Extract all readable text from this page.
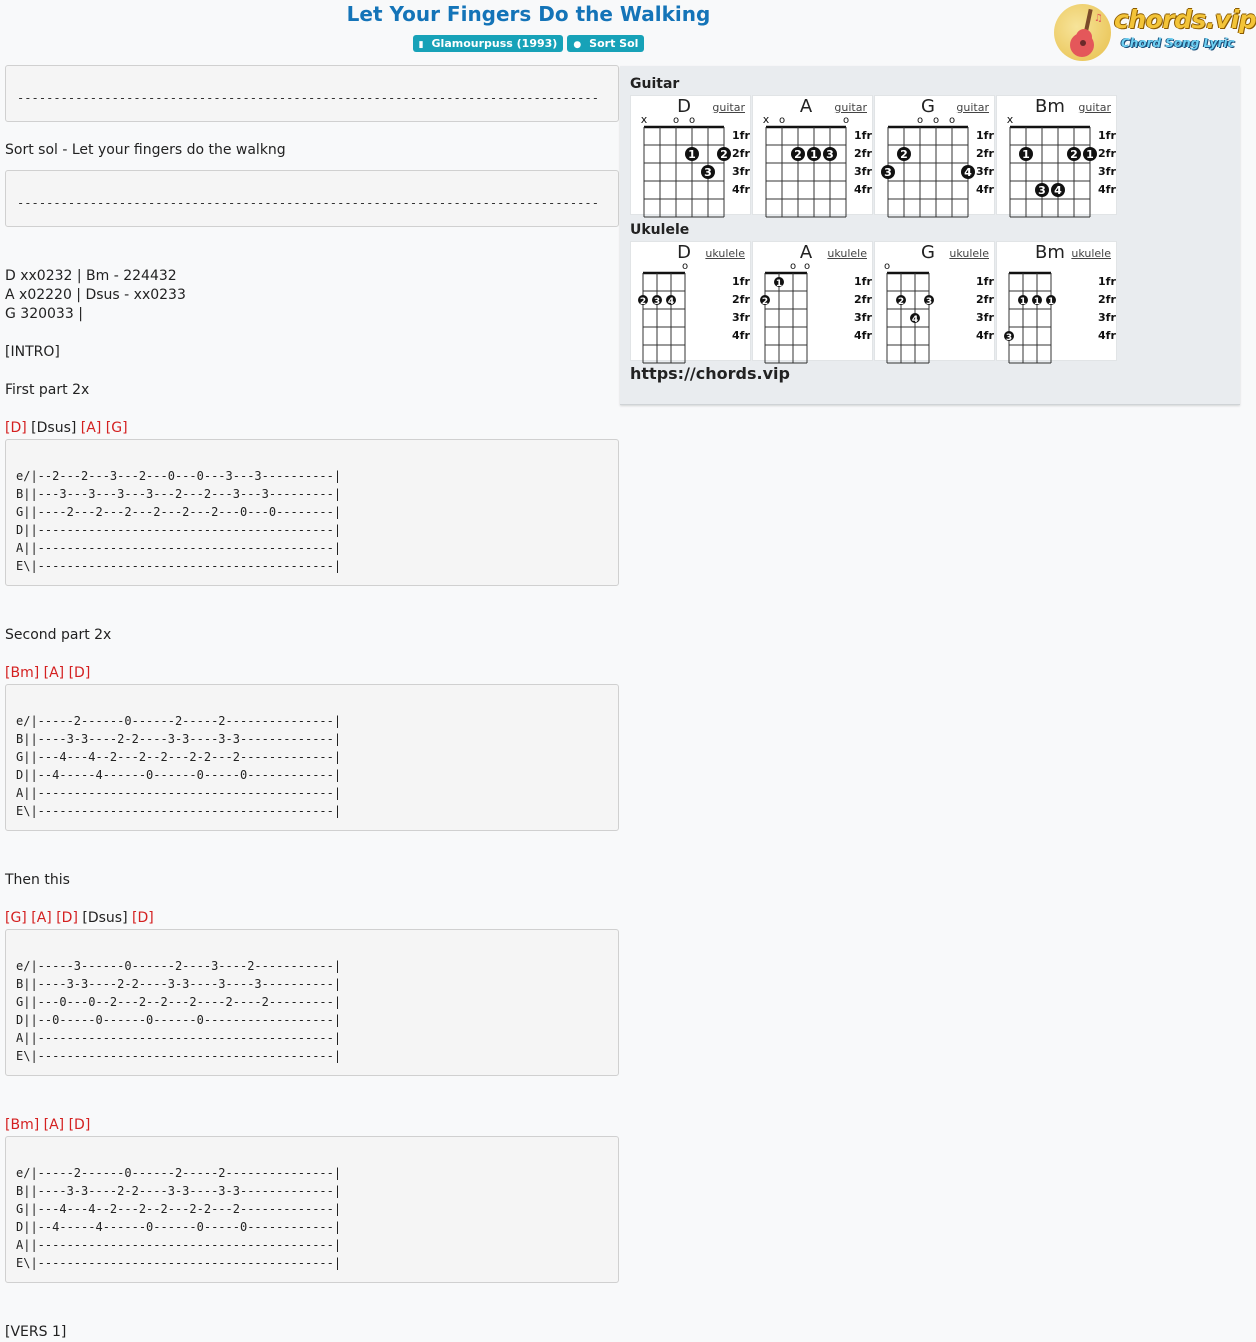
Let Your Fingers Do the Walking
▮ Glamourpuss (1993) ● Sort Sol
♫ chords.vip
Chord Song Lyric
--------------------------------------------------------------------------------
Sort sol - Let your fingers do the walkng
--------------------------------------------------------------------------------
D xx0232 | Bm - 224432
A x02220 | Dsus - xx0233
G 320033 |
[INTRO]
First part 2x
[D] [Dsus] [A] [G]
e/|--2---2---3---2---0---0---3---3----------|
B||---3---3---3---3---2---2---3---3---------|
G||----2---2---2---2---2---2---0---0--------|
D||-----------------------------------------|
A||-----------------------------------------|
E\|-----------------------------------------|
Second part 2x
[Bm] [A] [D]
e/|-----2------0------2-----2---------------|
B||----3-3----2-2----3-3----3-3-------------|
G||---4---4--2---2--2---2-2---2-------------|
D||--4-----4------0------0-----0------------|
A||-----------------------------------------|
E\|-----------------------------------------|
Then this
[G] [A] [D] [Dsus] [D]
e/|-----3------0------2----3----2-----------|
B||----3-3----2-2----3-3----3----3----------|
G||---0---0--2---2--2---2----2----2---------|
D||--0-----0------0------0------------------|
A||-----------------------------------------|
E\|-----------------------------------------|
[Bm] [A] [D]
e/|-----2------0------2-----2---------------|
B||----3-3----2-2----3-3----3-3-------------|
G||---4---4--2---2--2---2-2---2-------------|
D||--4-----4------0------0-----0------------|
A||-----------------------------------------|
E\|-----------------------------------------|
[VERS 1]
Guitar
D	guitar
1fr
2fr
3fr
4fr
x	o o
1 2
3
A	guitar
1fr
2fr
3fr
4fr
x o	o
2 1 3
G	guitar
1fr
2fr
3fr
4fr
o o o
2
3	4
Bm	guitar
1fr
2fr
3fr
4fr
x
1	2 1
3 4
Ukulele
D	ukulele
1fr
2fr
3fr
4fr
o
2 3 4
A	ukulele
1fr
2fr
3fr
4fr
o o
1
2
G	ukulele
1fr
2fr
3fr
4fr
o
2 3
4
Bm ukulele
1fr
2fr
3fr
4fr
1 1 1
3
https://chords.vip
